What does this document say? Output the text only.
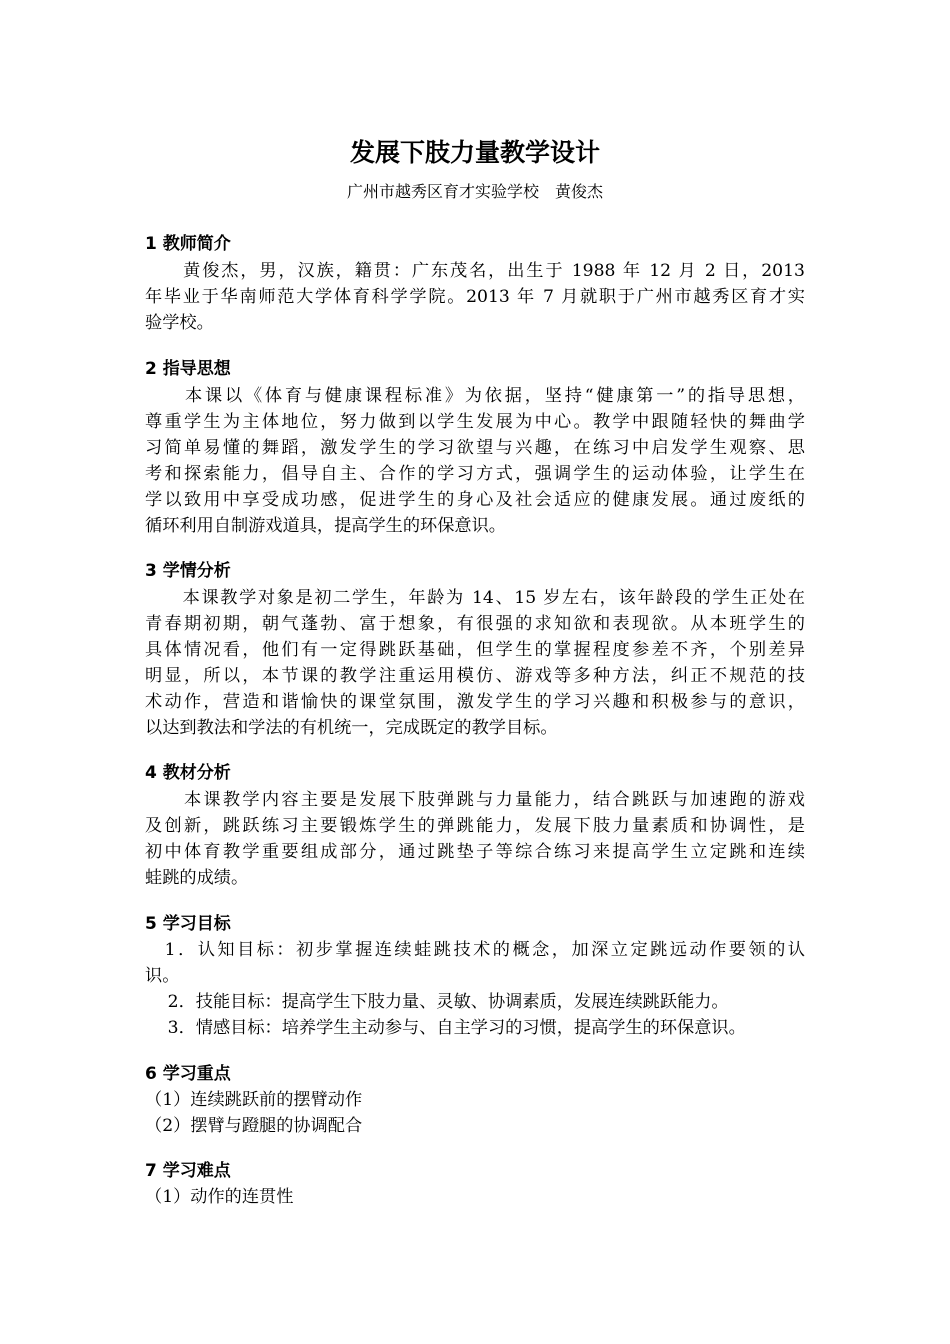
发展下肢力量教学设计
广州市越秀区育才实验学校　黄俊杰
1 教师简介
　　黄俊杰，男，汉族，籍贯：广东茂名，出生于 1988 年 12 月 2 日，2013
年毕业于华南师范大学体育科学学院。2013 年 7 月就职于广州市越秀区育才实
验学校。
2 指导思想
　　本课以《体育与健康课程标准》为依据，坚持“健康第一”的指导思想，
尊重学生为主体地位，努力做到以学生发展为中心。教学中跟随轻快的舞曲学
习简单易懂的舞蹈，激发学生的学习欲望与兴趣，在练习中启发学生观察、思
考和探索能力，倡导自主、合作的学习方式，强调学生的运动体验，让学生在
学以致用中享受成功感，促进学生的身心及社会适应的健康发展。通过废纸的
循环利用自制游戏道具，提高学生的环保意识。
3 学情分析
　　本课教学对象是初二学生，年龄为 14、15 岁左右，该年龄段的学生正处在
青春期初期，朝气蓬勃、富于想象，有很强的求知欲和表现欲。从本班学生的
具体情况看，他们有一定得跳跃基础，但学生的掌握程度参差不齐，个别差异
明显，所以，本节课的教学注重运用模仿、游戏等多种方法，纠正不规范的技
术动作，营造和谐愉快的课堂氛围，激发学生的学习兴趣和积极参与的意识，
以达到教法和学法的有机统一，完成既定的教学目标。
4 教材分析
　　本课教学内容主要是发展下肢弹跳与力量能力，结合跳跃与加速跑的游戏
及创新，跳跃练习主要锻炼学生的弹跳能力，发展下肢力量素质和协调性，是
初中体育教学重要组成部分，通过跳垫子等综合练习来提高学生立定跳和连续
蛙跳的成绩。
5 学习目标
　1．认知目标：初步掌握连续蛙跳技术的概念，加深立定跳远动作要领的认
识。
　 2．技能目标：提高学生下肢力量、灵敏、协调素质，发展连续跳跃能力。
　 3．情感目标：培养学生主动参与、自主学习的习惯，提高学生的环保意识。
6 学习重点
（1）连续跳跃前的摆臂动作
（2）摆臂与蹬腿的协调配合
7 学习难点
（1）动作的连贯性
